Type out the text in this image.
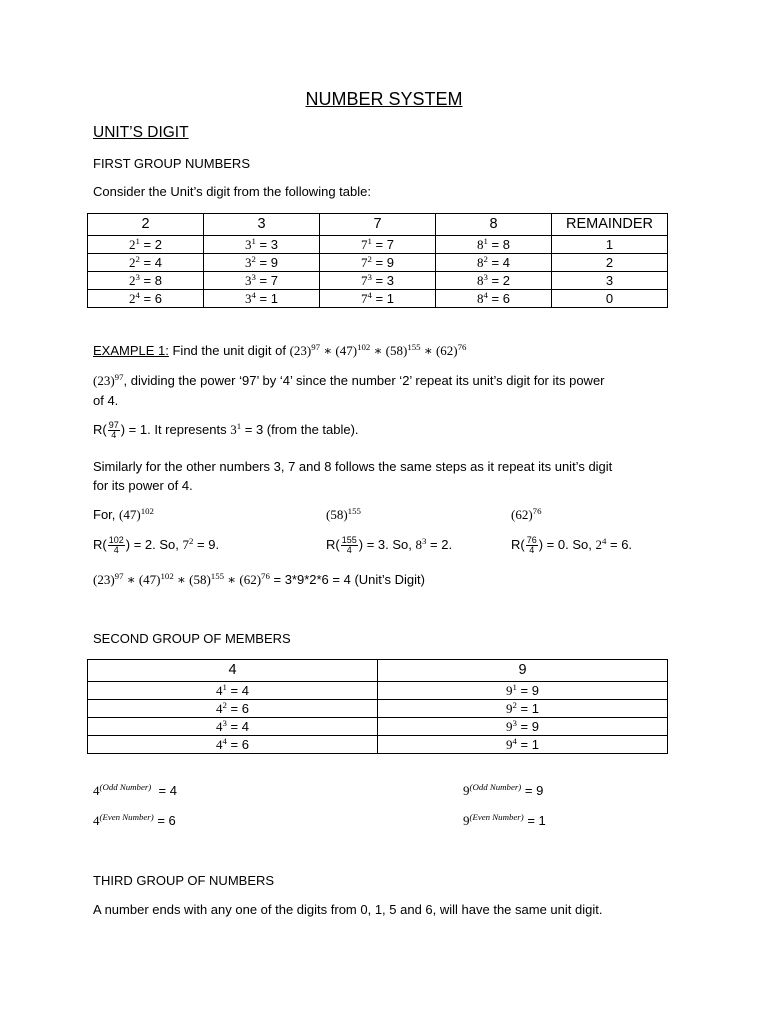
NUMBER SYSTEM
UNIT’S DIGIT
FIRST GROUP NUMBERS
Consider the Unit’s digit from the following table:
2	3	7	8	REMAINDER
$2^1 = 2$	$3^1 = 3$	$7^1 = 7$	$8^1 = 8$	1
$2^2 = 4$	$3^2 = 9$	$7^2 = 9$	$8^2 = 4$	2
$2^3 = 8$	$3^3 = 7$	$7^3 = 3$	$8^3 = 2$	3
$2^4 = 6$	$3^4 = 1$	$7^4 = 1$	$8^4 = 6$	0
EXAMPLE 1: Find the unit digit of $(23)^{97}$ ∗ $(47)^{102}$ ∗ $(58)^{155}$ ∗ $(62)^{76}$
$(23)^{97}$, dividing the power ‘97’ by ‘4’ since the number ‘2’ repeat its unit’s digit for its power
of 4.
$R( \frac{97}{4}$ ) = 1. It represents $3^1 = 3$ (from the table).
Similarly for the other numbers 3, 7 and 8 follows the same steps as it repeat its unit’s digit
for its power of 4.
For, $(47)^{102}$	$(58)^{155}$	$(62)^{76}$
$R( \frac{102}{4}$ ) = 2. So, $7^2 = 9$.	$R( \frac{155}{4}$ ) = 3. So, $8^3 = 2$.	$R( \frac{76}{4}$ ) = 0. So, $2^4 = 6$.
$(23)^{97}$ ∗ $(47)^{102}$ ∗ $(58)^{155}$ ∗ $(62)^{76} = 3*9*2*6 = 4$ (Unit’s Digit)
SECOND GROUP OF MEMBERS
4	9
$4^1 = 4$	$9^1 = 9$
$4^2 = 6$	$9^2 = 1$
$4^3 = 4$	$9^3 = 9$
$4^4 = 6$	$9^4 = 1$
$4^{(Odd Number)} = 4$
$4^{(Even Number)} = 6$
$9^{(Odd Number)} = 9$
$9^{(Even Number)} = 1$
THIRD GROUP OF NUMBERS
A number ends with any one of the digits from 0, 1, 5 and 6, will have the same unit digit.
